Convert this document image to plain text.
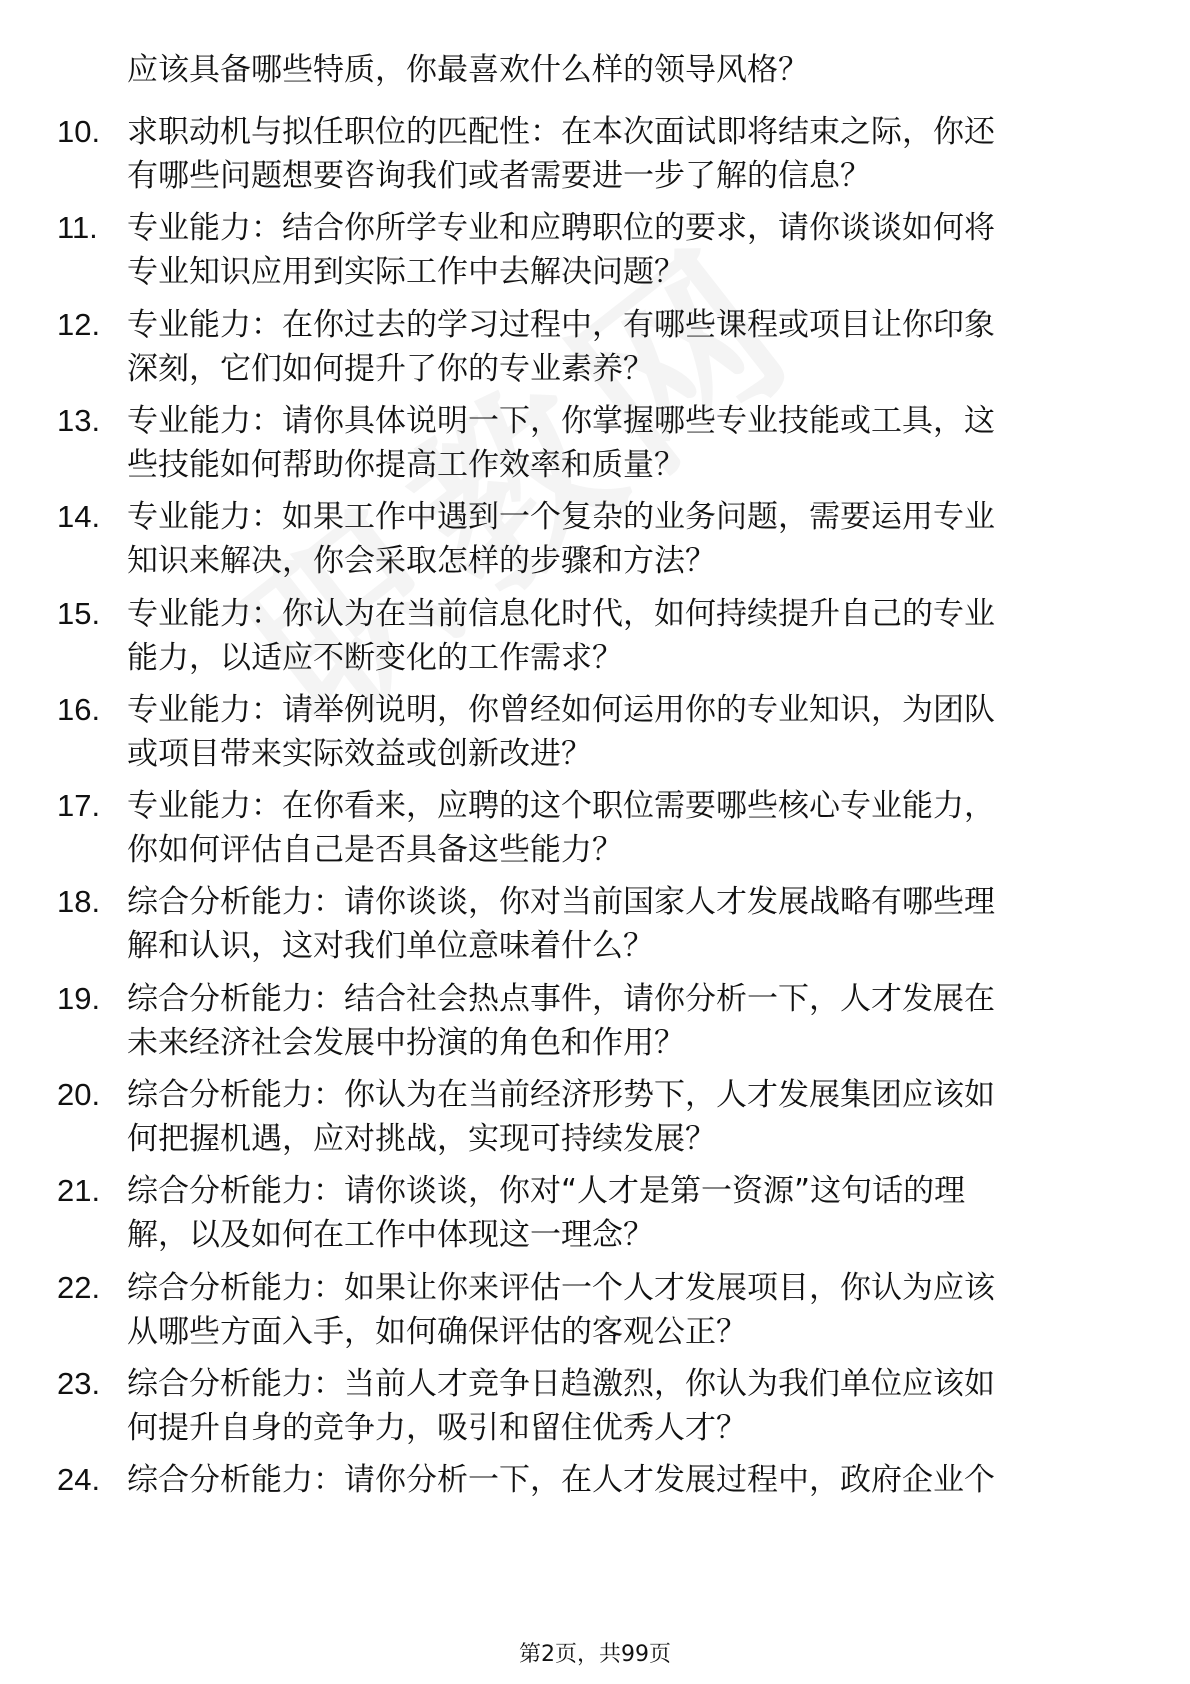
应该具备哪些特质，你最喜欢什么样的领导风格？
10. 求职动机与拟任职位的匹配性：在本次面试即将结束之际，你还
有哪些问题想要咨询我们或者需要进一步了解的信息？
11. 专业能力：结合你所学专业和应聘职位的要求，请你谈谈如何将
专业知识应用到实际工作中去解决问题？
12. 专业能力：在你过去的学习过程中，有哪些课程或项目让你印象
深刻，它们如何提升了你的专业素养？
13. 专业能力：请你具体说明一下，你掌握哪些专业技能或工具，这
些技能如何帮助你提高工作效率和质量？
14. 专业能力：如果工作中遇到一个复杂的业务问题，需要运用专业
知识来解决，你会采取怎样的步骤和方法？
15. 专业能力：你认为在当前信息化时代，如何持续提升自己的专业
能力，以适应不断变化的工作需求？
16. 专业能力：请举例说明，你曾经如何运用你的专业知识，为团队
或项目带来实际效益或创新改进？
17. 专业能力：在你看来，应聘的这个职位需要哪些核心专业能力，
你如何评估自己是否具备这些能力？
18. 综合分析能力：请你谈谈，你对当前国家人才发展战略有哪些理
解和认识，这对我们单位意味着什么？
19. 综合分析能力：结合社会热点事件，请你分析一下，人才发展在
未来经济社会发展中扮演的角色和作用？
20. 综合分析能力：你认为在当前经济形势下，人才发展集团应该如
何把握机遇，应对挑战，实现可持续发展？
21. 综合分析能力：请你谈谈，你对“人才是第一资源”这句话的理
解，以及如何在工作中体现这一理念？
22. 综合分析能力：如果让你来评估一个人才发展项目，你认为应该
从哪些方面入手，如何确保评估的客观公正？
23. 综合分析能力：当前人才竞争日趋激烈，你认为我们单位应该如
何提升自身的竞争力，吸引和留住优秀人才？
24. 综合分析能力：请你分析一下，在人才发展过程中，政府企业个
第2页，共99页
